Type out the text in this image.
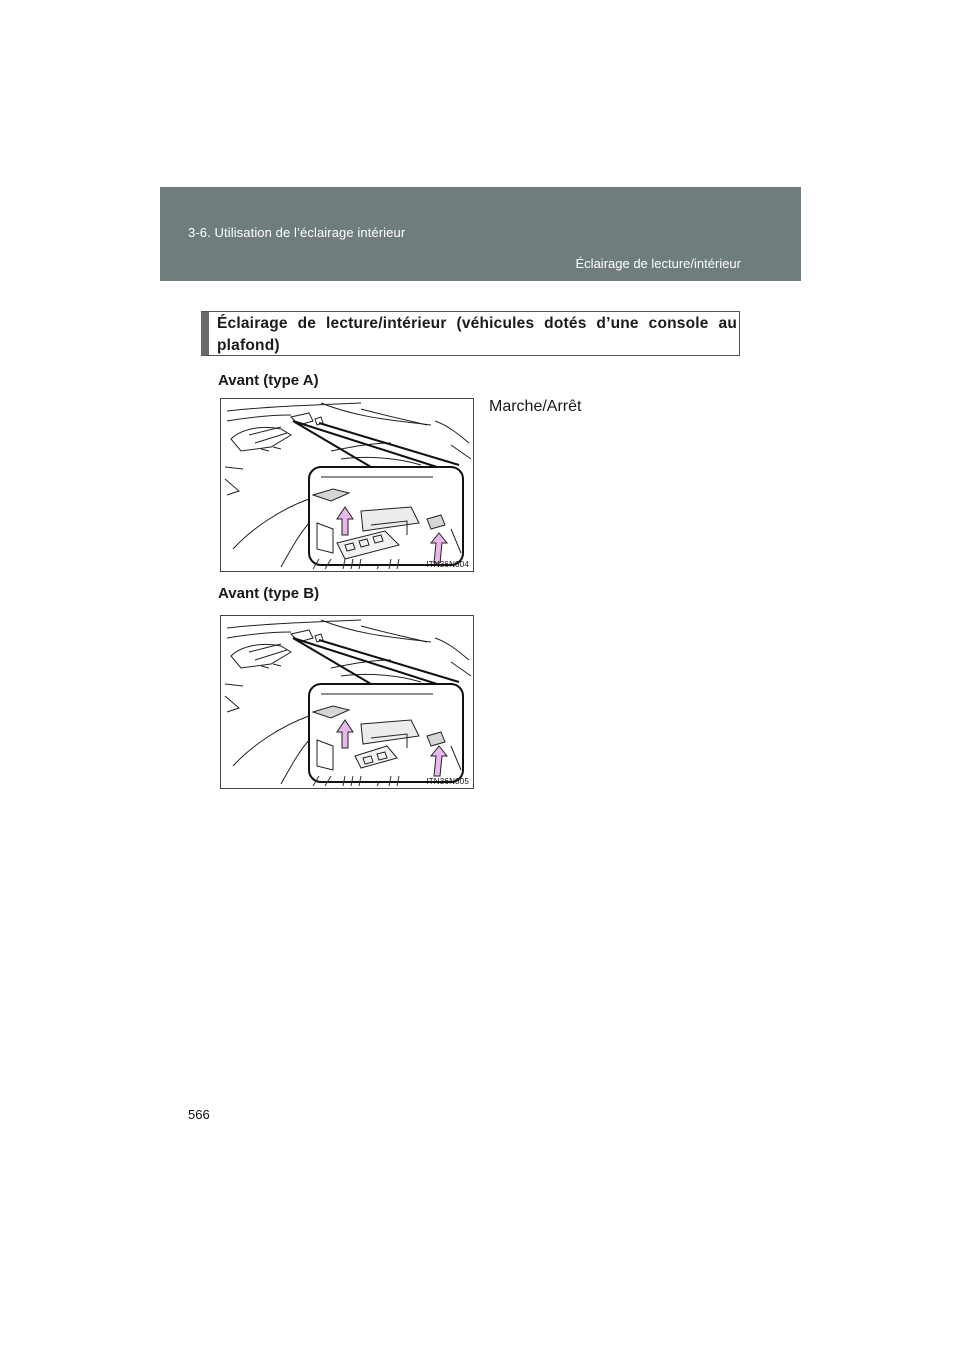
3-6. Utilisation de l’éclairage intérieur
Éclairage de lecture/intérieur
Éclairage de lecture/intérieur (véhicules dotés d’une console au plafond)
Avant (type A)
ITN36N004
Marche/Arrêt
Avant (type B)
ITN36N005
566
